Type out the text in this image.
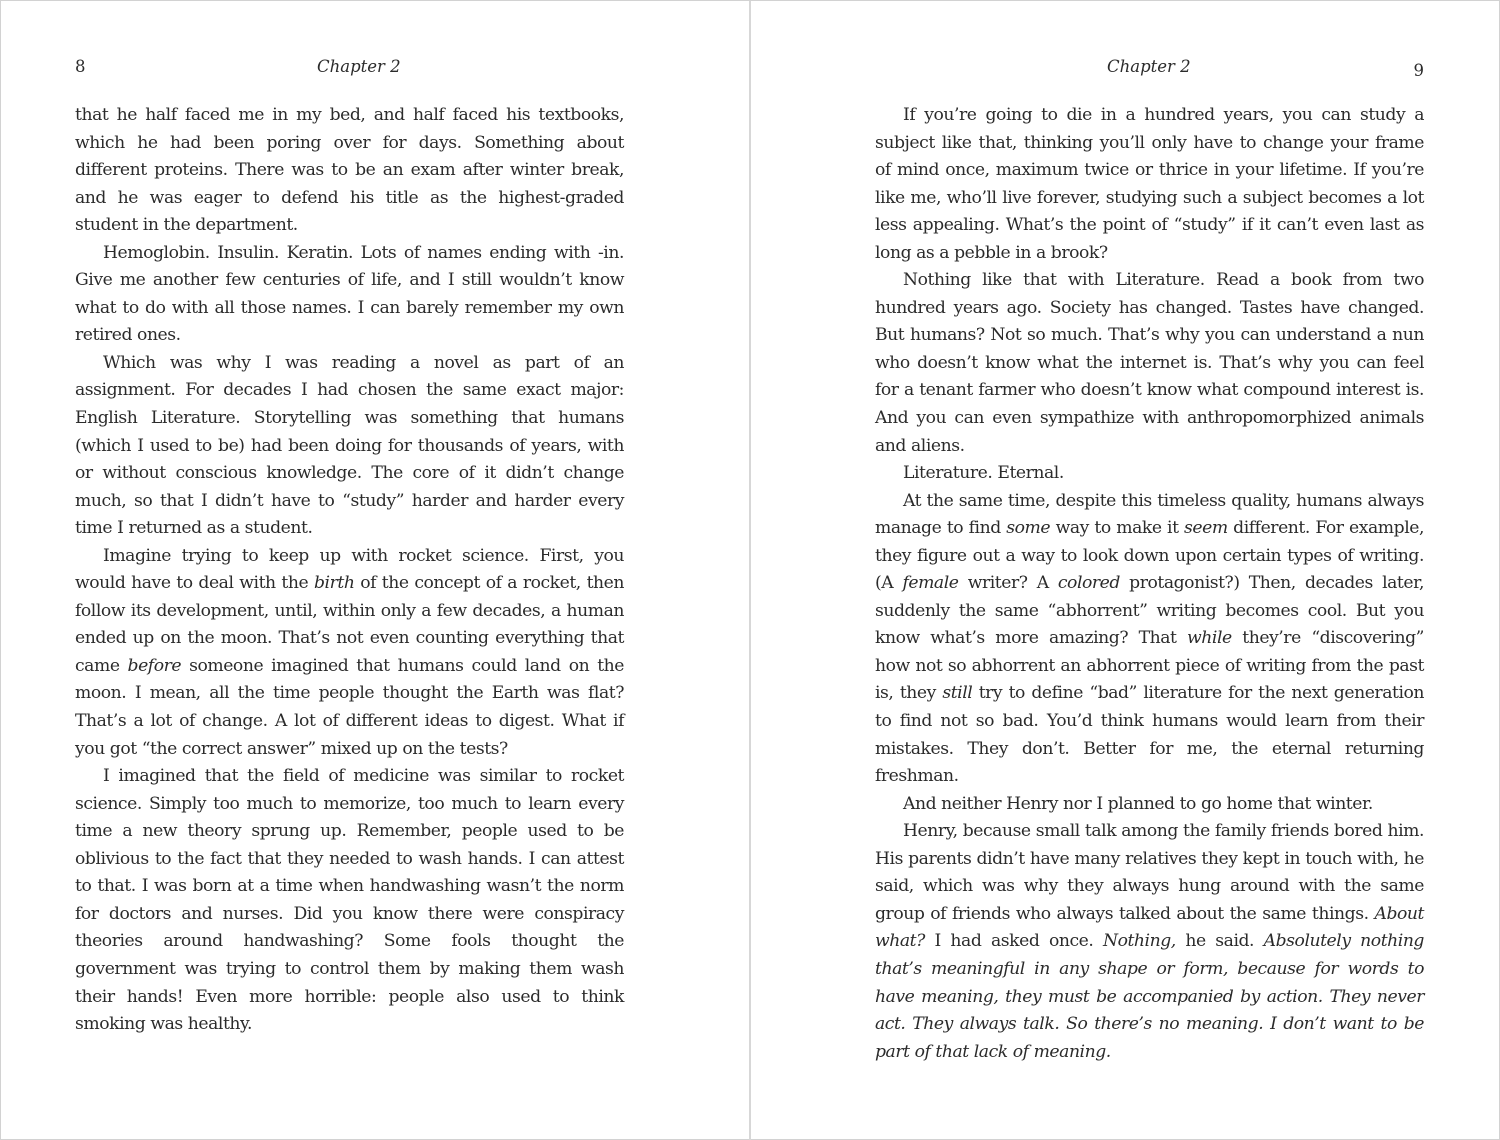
8	Chapter 2

that he half faced me in my bed, and half faced his textbooks, which he had been poring over for days. Something about different proteins. There was to be an exam after winter break, and he was eager to defend his title as the highest-graded student in the department.

Hemoglobin. Insulin. Keratin. Lots of names ending with -in. Give me another few centuries of life, and I still wouldn’t know what to do with all those names. I can barely remember my own retired ones.

Which was why I was reading a novel as part of an assignment. For decades I had chosen the same exact major: English Literature. Storytelling was something that humans (which I used to be) had been doing for thousands of years, with or without conscious knowledge. The core of it didn’t change much, so that I didn’t have to “study” harder and harder every time I returned as a student.

Imagine trying to keep up with rocket science. First, you would have to deal with the birth of the concept of a rocket, then follow its development, until, within only a few decades, a human ended up on the moon. That’s not even counting everything that came before someone imagined that humans could land on the moon. I mean, all the time people thought the Earth was flat? That’s a lot of change. A lot of different ideas to digest. What if you got “the correct answer” mixed up on the tests?

I imagined that the field of medicine was similar to rocket science. Simply too much to memorize, too much to learn every time a new theory sprung up. Remember, people used to be oblivious to the fact that they needed to wash hands. I can attest to that. I was born at a time when handwashing wasn’t the norm for doctors and nurses. Did you know there were conspiracy theories around handwashing? Some fools thought the government was trying to control them by making them wash their hands! Even more horrible: people also used to think smoking was healthy.

Chapter 2	9

If you’re going to die in a hundred years, you can study a subject like that, thinking you’ll only have to change your frame of mind once, maximum twice or thrice in your lifetime. If you’re like me, who’ll live forever, studying such a subject becomes a lot less appealing. What’s the point of “study” if it can’t even last as long as a pebble in a brook?

Nothing like that with Literature. Read a book from two hundred years ago. Society has changed. Tastes have changed. But humans? Not so much. That’s why you can understand a nun who doesn’t know what the internet is. That’s why you can feel for a tenant farmer who doesn’t know what compound interest is. And you can even sympathize with anthropomorphized animals and aliens.

Literature. Eternal.

At the same time, despite this timeless quality, humans always manage to find some way to make it seem different. For example, they figure out a way to look down upon certain types of writing. (A female writer? A colored protagonist?) Then, decades later, suddenly the same “abhorrent” writing becomes cool. But you know what’s more amazing? That while they’re “discovering” how not so abhorrent an abhorrent piece of writing from the past is, they still try to define “bad” literature for the next generation to find not so bad. You’d think humans would learn from their mistakes. They don’t. Better for me, the eternal returning freshman.

And neither Henry nor I planned to go home that winter.

Henry, because small talk among the family friends bored him. His parents didn’t have many relatives they kept in touch with, he said, which was why they always hung around with the same group of friends who always talked about the same things. About what? I had asked once. Nothing, he said. Absolutely nothing that’s meaningful in any shape or form, because for words to have meaning, they must be accompanied by action. They never act. They always talk. So there’s no meaning. I don’t want to be part of that lack of meaning.
